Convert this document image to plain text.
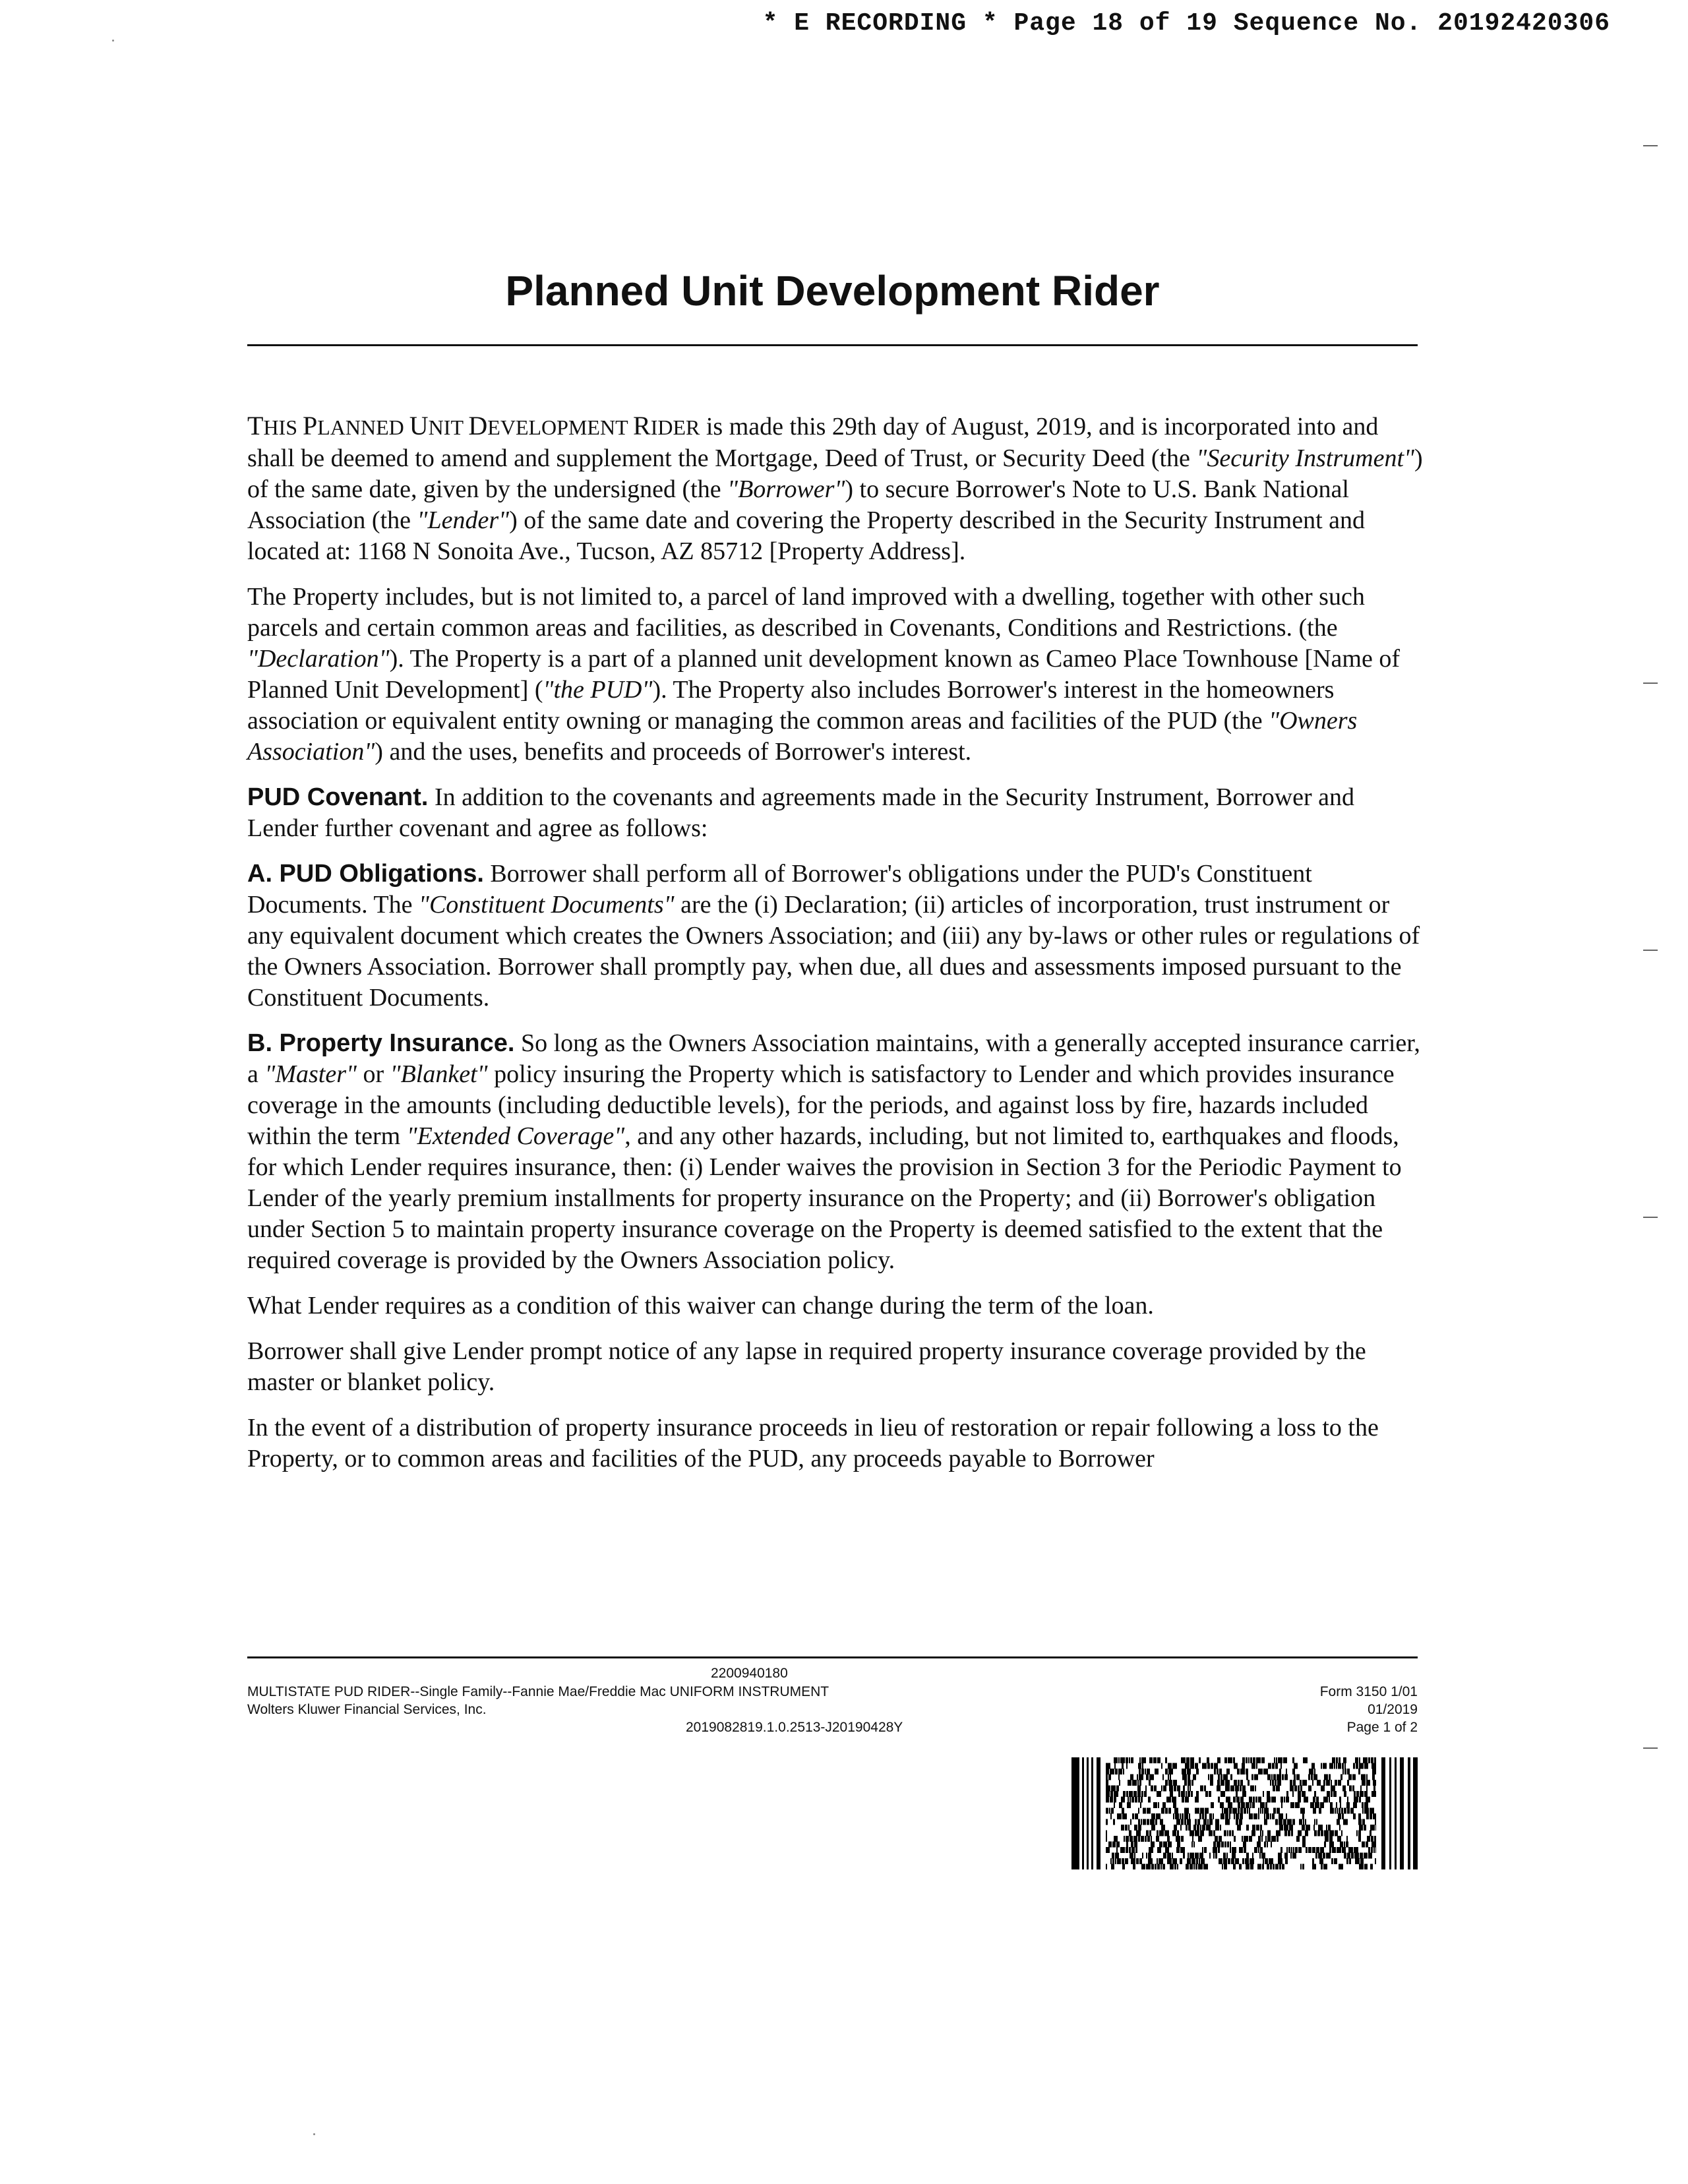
* E RECORDING * Page 18 of 19 Sequence No. 20192420306
Planned Unit Development Rider

THIS PLANNED UNIT DEVELOPMENT RIDER is made this 29th day of August, 2019, and is incorporated into and shall be deemed to amend and supplement the Mortgage, Deed of Trust, or Security Deed (the "Security Instrument") of the same date, given by the undersigned (the "Borrower") to secure Borrower's Note to U.S. Bank National Association (the "Lender") of the same date and covering the Property described in the Security Instrument and located at: 1168 N Sonoita Ave., Tucson, AZ 85712 [Property Address].

The Property includes, but is not limited to, a parcel of land improved with a dwelling, together with other such parcels and certain common areas and facilities, as described in Covenants, Conditions and Restrictions. (the "Declaration"). The Property is a part of a planned unit development known as Cameo Place Townhouse [Name of Planned Unit Development] ("the PUD"). The Property also includes Borrower's interest in the homeowners association or equivalent entity owning or managing the common areas and facilities of the PUD (the "Owners Association") and the uses, benefits and proceeds of Borrower's interest.

PUD Covenant. In addition to the covenants and agreements made in the Security Instrument, Borrower and Lender further covenant and agree as follows:

A. PUD Obligations. Borrower shall perform all of Borrower's obligations under the PUD's Constituent Documents. The "Constituent Documents" are the (i) Declaration; (ii) articles of incorporation, trust instrument or any equivalent document which creates the Owners Association; and (iii) any by-laws or other rules or regulations of the Owners Association. Borrower shall promptly pay, when due, all dues and assessments imposed pursuant to the Constituent Documents.

B. Property Insurance. So long as the Owners Association maintains, with a generally accepted insurance carrier, a "Master" or "Blanket" policy insuring the Property which is satisfactory to Lender and which provides insurance coverage in the amounts (including deductible levels), for the periods, and against loss by fire, hazards included within the term "Extended Coverage", and any other hazards, including, but not limited to, earthquakes and floods, for which Lender requires insurance, then: (i) Lender waives the provision in Section 3 for the Periodic Payment to Lender of the yearly premium installments for property insurance on the Property; and (ii) Borrower's obligation under Section 5 to maintain property insurance coverage on the Property is deemed satisfied to the extent that the required coverage is provided by the Owners Association policy.

What Lender requires as a condition of this waiver can change during the term of the loan.

Borrower shall give Lender prompt notice of any lapse in required property insurance coverage provided by the master or blanket policy.

In the event of a distribution of property insurance proceeds in lieu of restoration or repair following a loss to the Property, or to common areas and facilities of the PUD, any proceeds payable to Borrower

2200940180
MULTISTATE PUD RIDER--Single Family--Fannie Mae/Freddie Mac UNIFORM INSTRUMENT
Wolters Kluwer Financial Services, Inc.
2019082819.1.0.2513-J20190428Y
Form 3150 1/01
01/2019
Page 1 of 2
